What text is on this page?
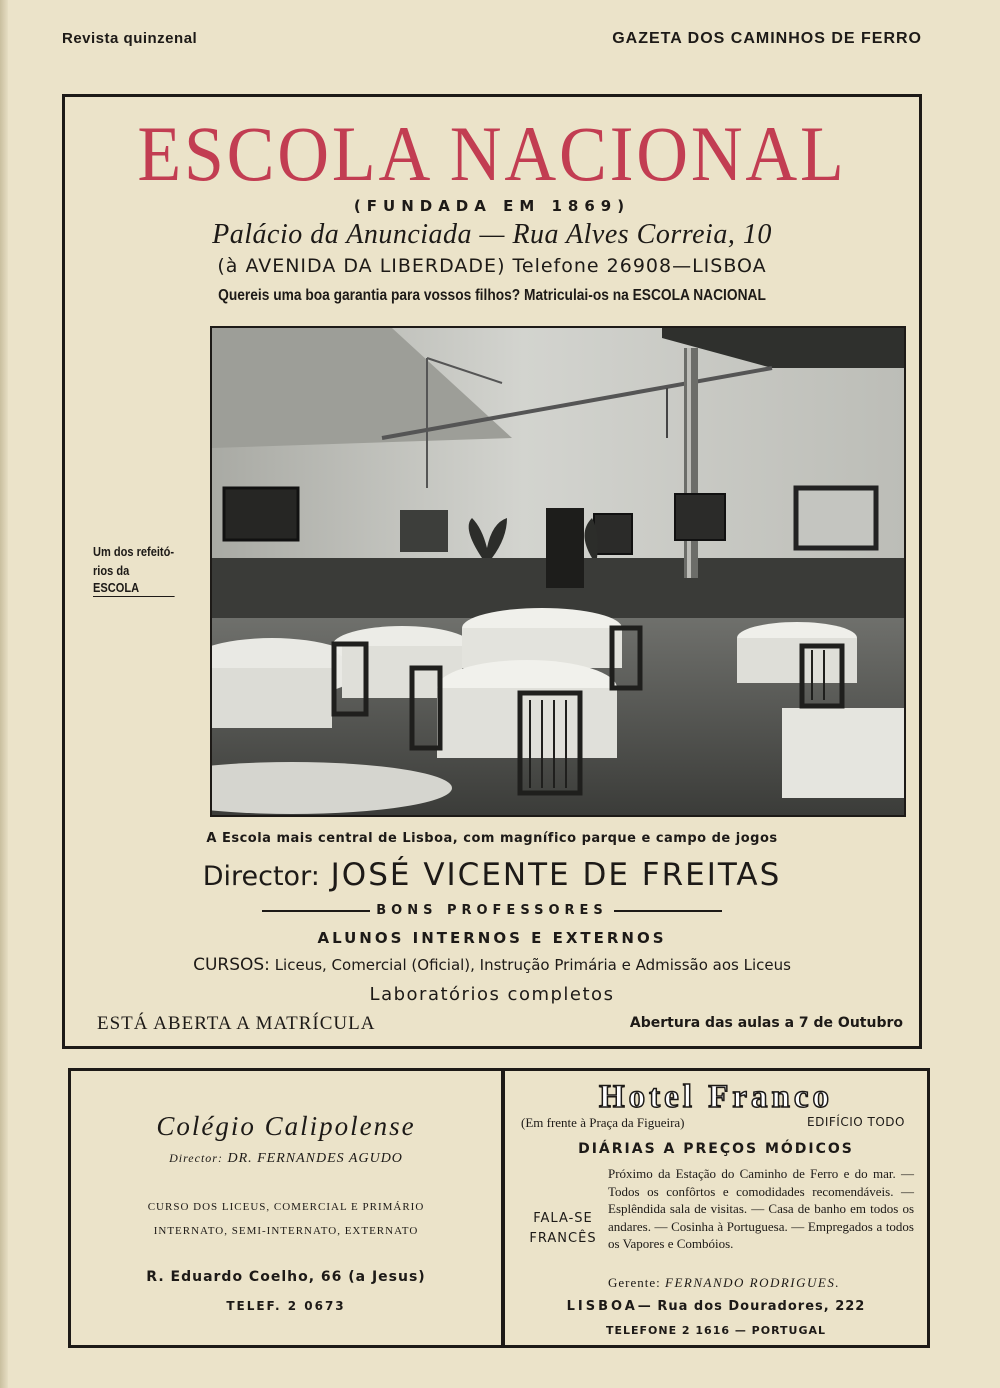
Revista quinzenal	GAZETA DOS CAMINHOS DE FERRO
ESCOLA NACIONAL
(FUNDADA EM 1869)
Palácio da Anunciada — Rua Alves Correia, 10
(à AVENIDA DA LIBERDADE) Telefone 26908—LISBOA
Quereis uma boa garantia para vossos filhos? Matriculai-os na ESCOLA NACIONAL
Um dos refeitó-

rios da ESCOLA
A Escola mais central de Lisboa, com magnífico parque e campo de jogos
Director: JOSÉ VICENTE DE FREITAS
BONS PROFESSORES
ALUNOS INTERNOS E EXTERNOS
CURSOS: Liceus, Comercial (Oficial), Instrução Primária e Admissão aos Liceus
Laboratórios completos
ESTÁ ABERTA A MATRÍCULA	Abertura das aulas a 7 de Outubro
Colégio Calipolense
Director: DR. FERNANDES AGUDO
CURSO DOS LICEUS, COMERCIAL E PRIMÁRIO
INTERNATO, SEMI-INTERNATO, EXTERNATO
R. Eduardo Coelho, 66 (a Jesus)
TELEF. 2 0673
Hotel Franco
(Em frente à Praça da Figueira)	EDIFÍCIO TODO
DIÁRIAS A PREÇOS MÓDICOS
FALA-SE
FRANCÊS
Próximo da Estação do Caminho de Ferro e do mar. — Todos os confôrtos e comodidades recomendáveis. — Esplêndida sala de visitas. — Casa de banho em todos os andares. — Cosinha à Portuguesa. — Empregados a todos os Vapores e Combóios.
Gerente: FERNANDO RODRIGUES.
LISBOA— Rua dos Douradores, 222
TELEFONE 2 1616 — PORTUGAL
